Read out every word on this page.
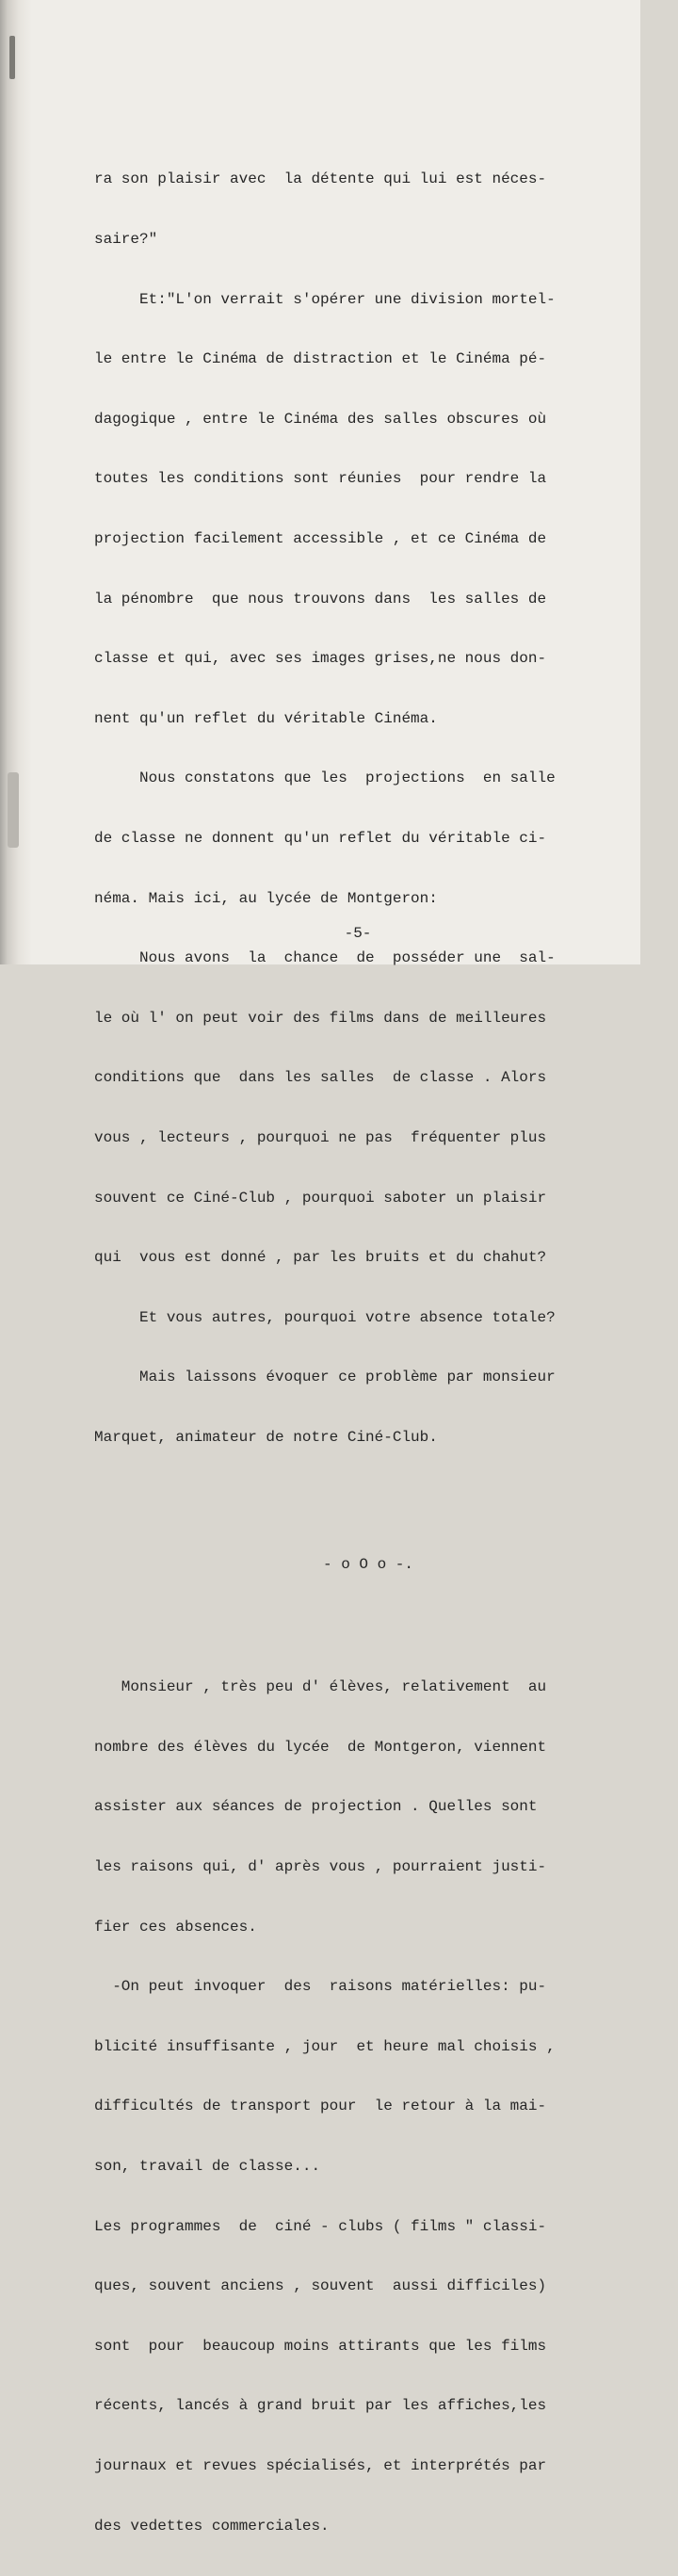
ra son plaisir avec  la détente qui lui est néces-

saire?"

Et:"L'on verrait s'opérer une division mortel-

le entre le Cinéma de distraction et le Cinéma pé-

dagogique , entre le Cinéma des salles obscures où

toutes les conditions sont réunies  pour rendre la

projection facilement accessible , et ce Cinéma de

la pénombre  que nous trouvons dans  les salles de

classe et qui, avec ses images grises,ne nous don-

nent qu'un reflet du véritable Cinéma.

Nous constatons que les  projections  en salle

de classe ne donnent qu'un reflet du véritable ci-

néma. Mais ici, au lycée de Montgeron:

Nous avons  la  chance  de  posséder une  sal-

le où l' on peut voir des films dans de meilleures

conditions que  dans les salles  de classe . Alors

vous , lecteurs , pourquoi ne pas  fréquenter plus

souvent ce Ciné-Club , pourquoi saboter un plaisir

qui  vous est donné , par les bruits et du chahut?

Et vous autres, pourquoi votre absence totale?

Mais laissons évoquer ce problème par monsieur

Marquet, animateur de notre Ciné-Club.

- o O o -.

Monsieur , très peu d' élèves, relativement  au

nombre des élèves du lycée  de Montgeron, viennent

assister aux séances de projection . Quelles sont

les raisons qui, d' après vous , pourraient justi-

fier ces absences.

-On peut invoquer  des  raisons matérielles: pu-

blicité insuffisante , jour  et heure mal choisis ,

difficultés de transport pour  le retour à la mai-

son, travail de classe...

Les programmes  de  ciné - clubs ( films " classi-

ques, souvent anciens , souvent  aussi difficiles)

sont  pour  beaucoup moins attirants que les films

récents, lancés à grand bruit par les affiches,les

journaux et revues spécialisés, et interprétés par

des vedettes commerciales.

-5-
